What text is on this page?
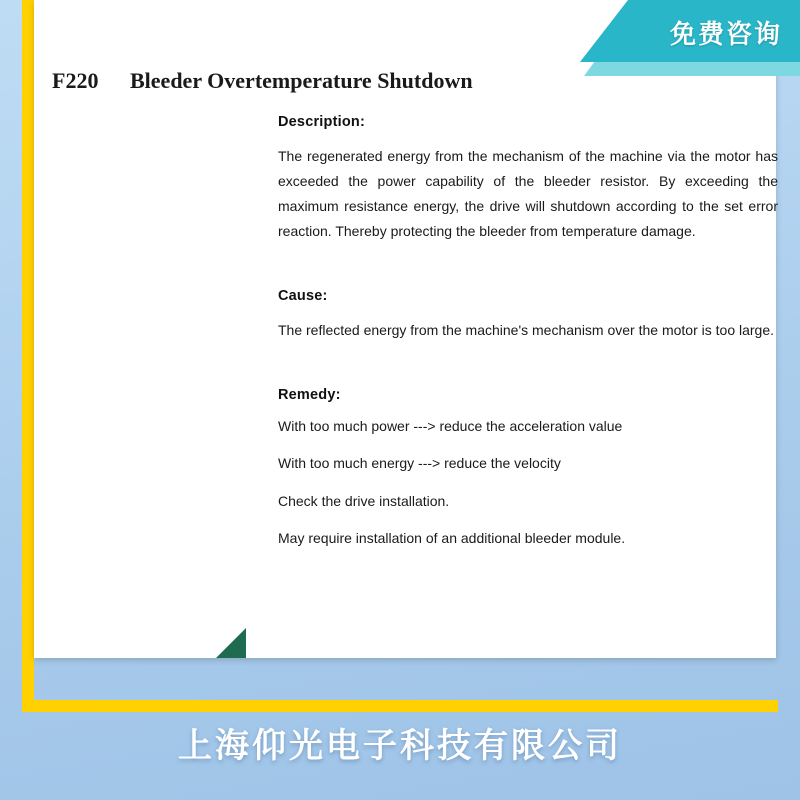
F220 Bleeder Overtemperature Shutdown

Description:

The regenerated energy from the mechanism of the machine via the motor has exceeded the power capability of the bleeder resistor. By exceeding the maximum resistance energy, the drive will shutdown according to the set error reaction. Thereby protecting the bleeder from temperature damage.

Cause:

The reflected energy from the machine's mechanism over the motor is too large.

Remedy:

With too much power ---> reduce the acceleration value
With too much energy ---> reduce the velocity
Check the drive installation.
May require installation of an additional bleeder module.
免费咨询
上海仰光电子科技有限公司
